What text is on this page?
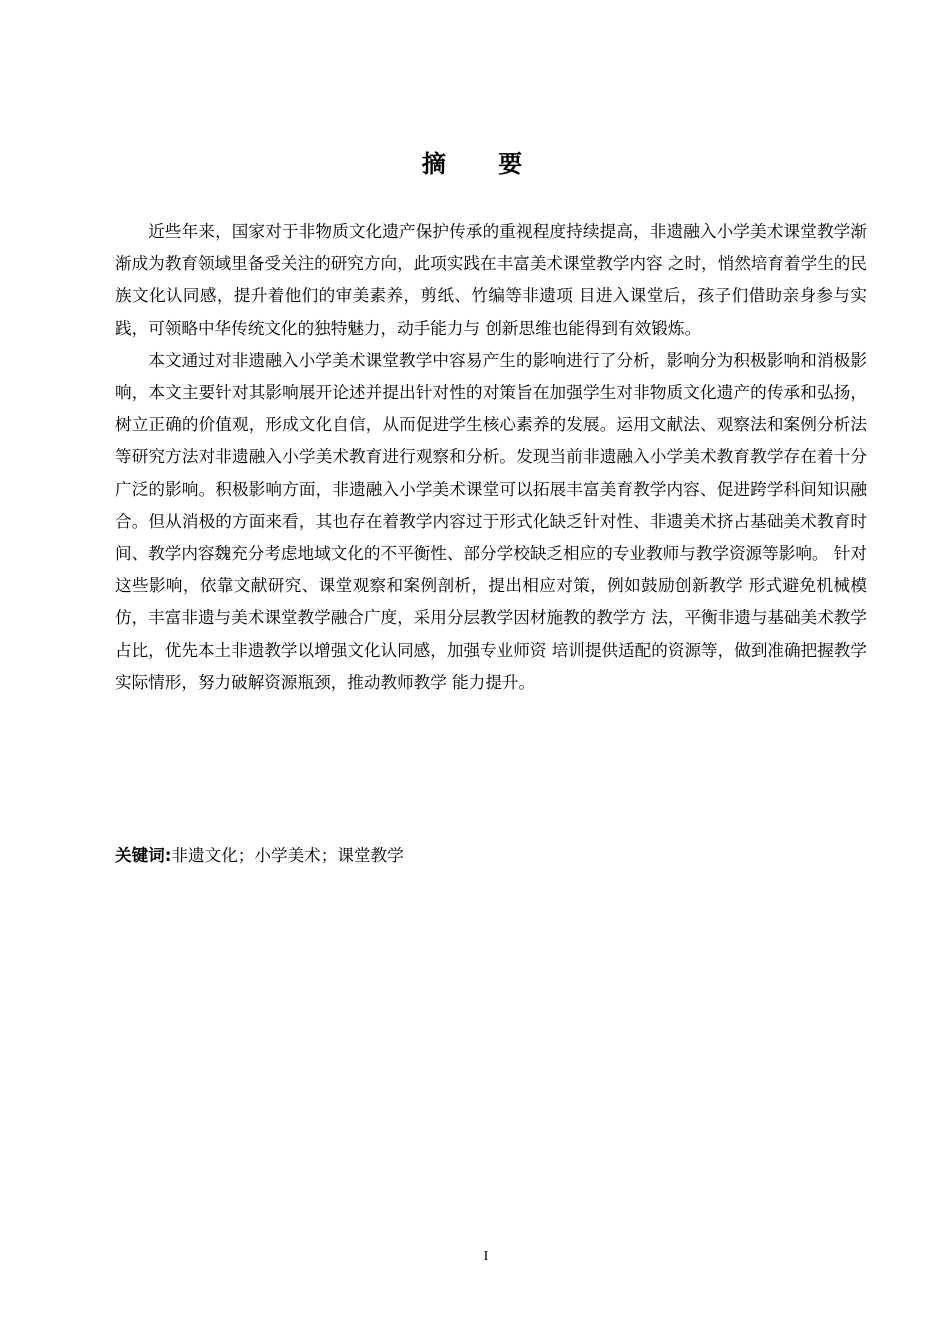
摘 要

近些年来，国家对于非物质文化遗产保护传承的重视程度持续提高，非遗融入小学美术课堂教学渐渐成为教育领域里备受关注的研究方向，此项实践在丰富美术课堂教学内容 之时，悄然培育着学生的民族文化认同感，提升着他们的审美素养，剪纸、竹编等非遗项 目进入课堂后，孩子们借助亲身参与实践，可领略中华传统文化的独特魅力，动手能力与 创新思维也能得到有效锻炼。

本文通过对非遗融入小学美术课堂教学中容易产生的影响进行了分析，影响分为积极影响和消极影响，本文主要针对其影响展开论述并提出针对性的对策旨在加强学生对非物质文化遗产的传承和弘扬，树立正确的价值观，形成文化自信，从而促进学生核心素养的发展。运用文献法、观察法和案例分析法等研究方法对非遗融入小学美术教育进行观察和分析。发现当前非遗融入小学美术教育教学存在着十分广泛的影响。积极影响方面，非遗融入小学美术课堂可以拓展丰富美育教学内容、促进跨学科间知识融合。但从消极的方面来看，其也存在着教学内容过于形式化缺乏针对性、非遗美术挤占基础美术教育时间、教学内容魏充分考虑地域文化的不平衡性、部分学校缺乏相应的专业教师与教学资源等影响。 针对这些影响，依靠文献研究、课堂观察和案例剖析，提出相应对策，例如鼓励创新教学 形式避免机械模仿，丰富非遗与美术课堂教学融合广度，采用分层教学因材施教的教学方 法，平衡非遗与基础美术教学占比，优先本土非遗教学以增强文化认同感，加强专业师资 培训提供适配的资源等，做到准确把握教学实际情形，努力破解资源瓶颈，推动教师教学 能力提升。

关键词:非遗文化；小学美术；课堂教学
I
